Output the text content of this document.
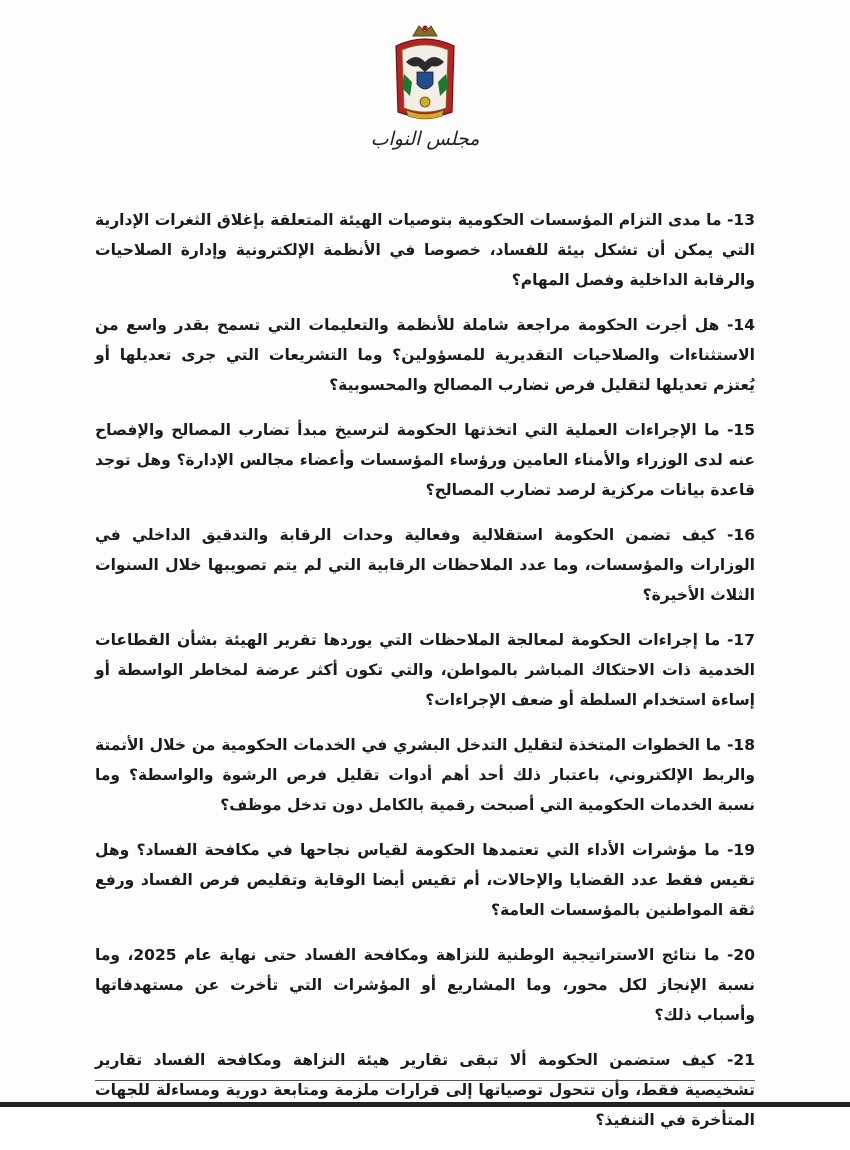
مجلس النواب

13- ما مدى التزام المؤسسات الحكومية بتوصيات الهيئة المتعلقة بإغلاق الثغرات الإدارية التي يمكن أن تشكل بيئة للفساد، خصوصا في الأنظمة الإلكترونية وإدارة الصلاحيات والرقابة الداخلية وفصل المهام؟

14- هل أجرت الحكومة مراجعة شاملة للأنظمة والتعليمات التي تسمح بقدر واسع من الاستثناءات والصلاحيات التقديرية للمسؤولين؟ وما التشريعات التي جرى تعديلها أو يُعتزم تعديلها لتقليل فرص تضارب المصالح والمحسوبية؟

15- ما الإجراءات العملية التي اتخذتها الحكومة لترسيخ مبدأ تضارب المصالح والإفصاح عنه لدى الوزراء والأمناء العامين ورؤساء المؤسسات وأعضاء مجالس الإدارة؟ وهل توجد قاعدة بيانات مركزية لرصد تضارب المصالح؟

16- كيف تضمن الحكومة استقلالية وفعالية وحدات الرقابة والتدقيق الداخلي في الوزارات والمؤسسات، وما عدد الملاحظات الرقابية التي لم يتم تصويبها خلال السنوات الثلاث الأخيرة؟

17- ما إجراءات الحكومة لمعالجة الملاحظات التي يوردها تقرير الهيئة بشأن القطاعات الخدمية ذات الاحتكاك المباشر بالمواطن، والتي تكون أكثر عرضة لمخاطر الواسطة أو إساءة استخدام السلطة أو ضعف الإجراءات؟

18- ما الخطوات المتخذة لتقليل التدخل البشري في الخدمات الحكومية من خلال الأتمتة والربط الإلكتروني، باعتبار ذلك أحد أهم أدوات تقليل فرص الرشوة والواسطة؟ وما نسبة الخدمات الحكومية التي أصبحت رقمية بالكامل دون تدخل موظف؟

19- ما مؤشرات الأداء التي تعتمدها الحكومة لقياس نجاحها في مكافحة الفساد؟ وهل تقيس فقط عدد القضايا والإحالات، أم تقيس أيضا الوقاية وتقليص فرص الفساد ورفع ثقة المواطنين بالمؤسسات العامة؟

20- ما نتائج الاستراتيجية الوطنية للنزاهة ومكافحة الفساد حتى نهاية عام 2025، وما نسبة الإنجاز لكل محور، وما المشاريع أو المؤشرات التي تأخرت عن مستهدفاتها وأسباب ذلك؟

21- كيف ستضمن الحكومة ألا تبقى تقارير هيئة النزاهة ومكافحة الفساد تقارير تشخيصية فقط، وأن تتحول توصياتها إلى قرارات ملزمة ومتابعة دورية ومساءلة للجهات المتأخرة في التنفيذ؟
